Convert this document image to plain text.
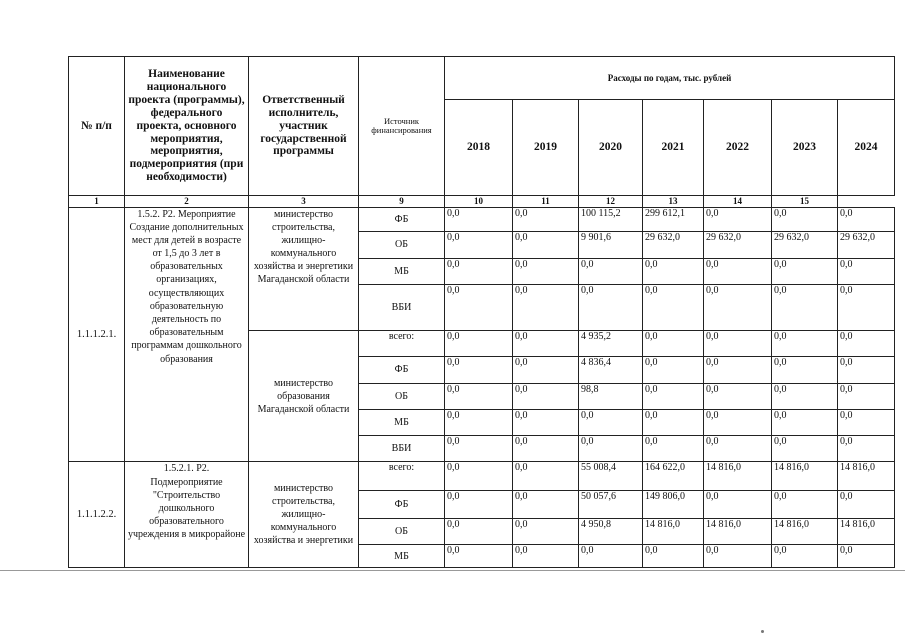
№ п/п	Наименование национального проекта (программы), федерального проекта, основного мероприятия, мероприятия, подмероприятия (при необходимости)	Ответственный исполнитель, участник государственной программы	Источник финансирования	Расходы по годам, тыс. рублей						
				2018	2019	2020	2021	2022	2023	2024
1	2	3	9	10	11	12	13	14	15	
1.1.1.2.1.	1.5.2. Р2. Мероприятие Создание дополнительных мест для детей в возрасте от 1,5 до 3 лет в образовательных организациях, осуществляющих образовательную деятельность по образовательным программам дошкольного образования	министерство строительства, жилищно-коммунального хозяйства и энергетики Магаданской области	ФБ	0,0	0,0	100 115,2	299 612,1	0,0	0,0	0,0
			ОБ	0,0	0,0	9 901,6	29 632,0	29 632,0	29 632,0	29 632,0
			МБ	0,0	0,0	0,0	0,0	0,0	0,0	0,0
			ВБИ	0,0	0,0	0,0	0,0	0,0	0,0	0,0
		министерство образования Магаданской области	всего:	0,0	0,0	4 935,2	0,0	0,0	0,0	0,0
			ФБ	0,0	0,0	4 836,4	0,0	0,0	0,0	0,0
			ОБ	0,0	0,0	98,8	0,0	0,0	0,0	0,0
			МБ	0,0	0,0	0,0	0,0	0,0	0,0	0,0
			ВБИ	0,0	0,0	0,0	0,0	0,0	0,0	0,0
1.1.1.2.2.	1.5.2.1. Р2. Подмероприятие "Строительство дошкольного образовательного учреждения в микрорайоне	министерство строительства, жилищно-коммунального хозяйства и энергетики	всего:	0,0	0,0	55 008,4	164 622,0	14 816,0	14 816,0	14 816,0
			ФБ	0,0	0,0	50 057,6	149 806,0	0,0	0,0	0,0
			ОБ	0,0	0,0	4 950,8	14 816,0	14 816,0	14 816,0	14 816,0
			МБ	0,0	0,0	0,0	0,0	0,0	0,0	0,0
